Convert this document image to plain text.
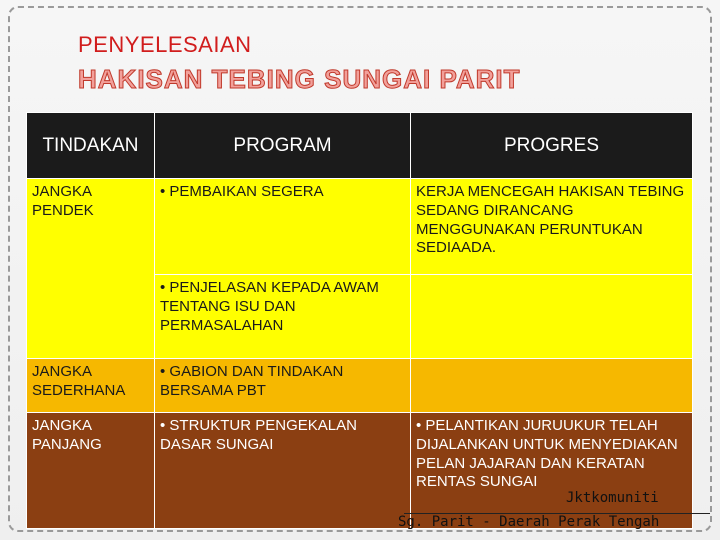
PENYELESAIAN
HAKISAN TEBING SUNGAI PARIT
TINDAKAN	PROGRAM	PROGRES
JANGKA PENDEK	• PEMBAIKAN SEGERA	KERJA MENCEGAH HAKISAN TEBING SEDANG DIRANCANG MENGGUNAKAN PERUNTUKAN SEDIAADA.
	• PENJELASAN KEPADA AWAM TENTANG ISU DAN PERMASALAHAN	
JANGKA SEDERHANA	• GABION DAN TINDAKAN BERSAMA PBT	
JANGKA PANJANG	• STRUKTUR PENGEKALAN DASAR SUNGAI	• PELANTIKAN JURUUKUR TELAH DIJALANKAN UNTUK MENYEDIAKAN PELAN JAJARAN DAN KERATAN RENTAS SUNGAI
Jktkomuniti
Sg. Parit - Daerah Perak Tengah
